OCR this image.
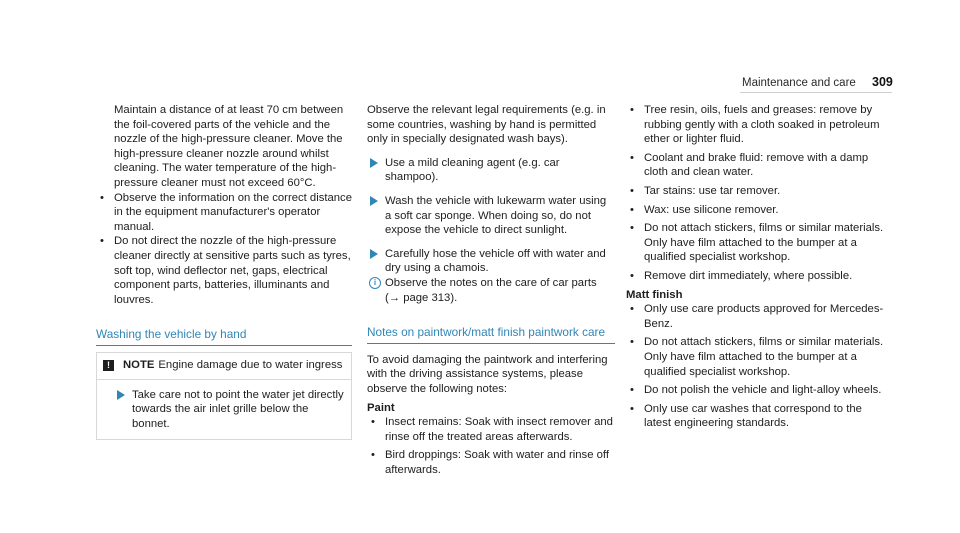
Maintenance and care 309

Maintain a distance of at least 70 cm between the foil-covered parts of the vehicle and the nozzle of the high-pressure cleaner. Move the high-pressure cleaner nozzle around whilst cleaning. The water temperature of the high-pressure cleaner must not exceed 60°C.

• Observe the information on the correct distance in the equipment manufacturer's operator manual.
• Do not direct the nozzle of the high-pressure cleaner directly at sensitive parts such as tyres, soft top, wind deflector net, gaps, electrical component parts, batteries, illuminants and louvres.
Washing the vehicle by hand
!	NOTE Engine damage due to water ingress
Take care not to point the water jet directly towards the air inlet grille below the bonnet.

Observe the relevant legal requirements (e.g. in some countries, washing by hand is permitted only in specially designated wash bays).

Use a mild cleaning agent (e.g. car shampoo).
Wash the vehicle with lukewarm water using a soft car sponge. When doing so, do not expose the vehicle to direct sunlight.
Carefully hose the vehicle off with water and dry using a chamois.
i Observe the notes on the care of car parts
(→ page 313).
Notes on paintwork/matt finish paintwork care

To avoid damaging the paintwork and interfering with the driving assistance systems, please observe the following notes:

Paint
• Insect remains: Soak with insect remover and rinse off the treated areas afterwards.
• Bird droppings: Soak with water and rinse off afterwards.
• Tree resin, oils, fuels and greases: remove by rubbing gently with a cloth soaked in petroleum ether or lighter fluid.
• Coolant and brake fluid: remove with a damp cloth and clean water.
• Tar stains: use tar remover.
• Wax: use silicone remover.
• Do not attach stickers, films or similar materials. Only have film attached to the bumper at a qualified specialist workshop.
• Remove dirt immediately, where possible.
Matt finish
• Only use care products approved for Mercedes-Benz.
• Do not attach stickers, films or similar materials. Only have film attached to the bumper at a qualified specialist workshop.
• Do not polish the vehicle and light-alloy wheels.
• Only use car washes that correspond to the latest engineering standards.
